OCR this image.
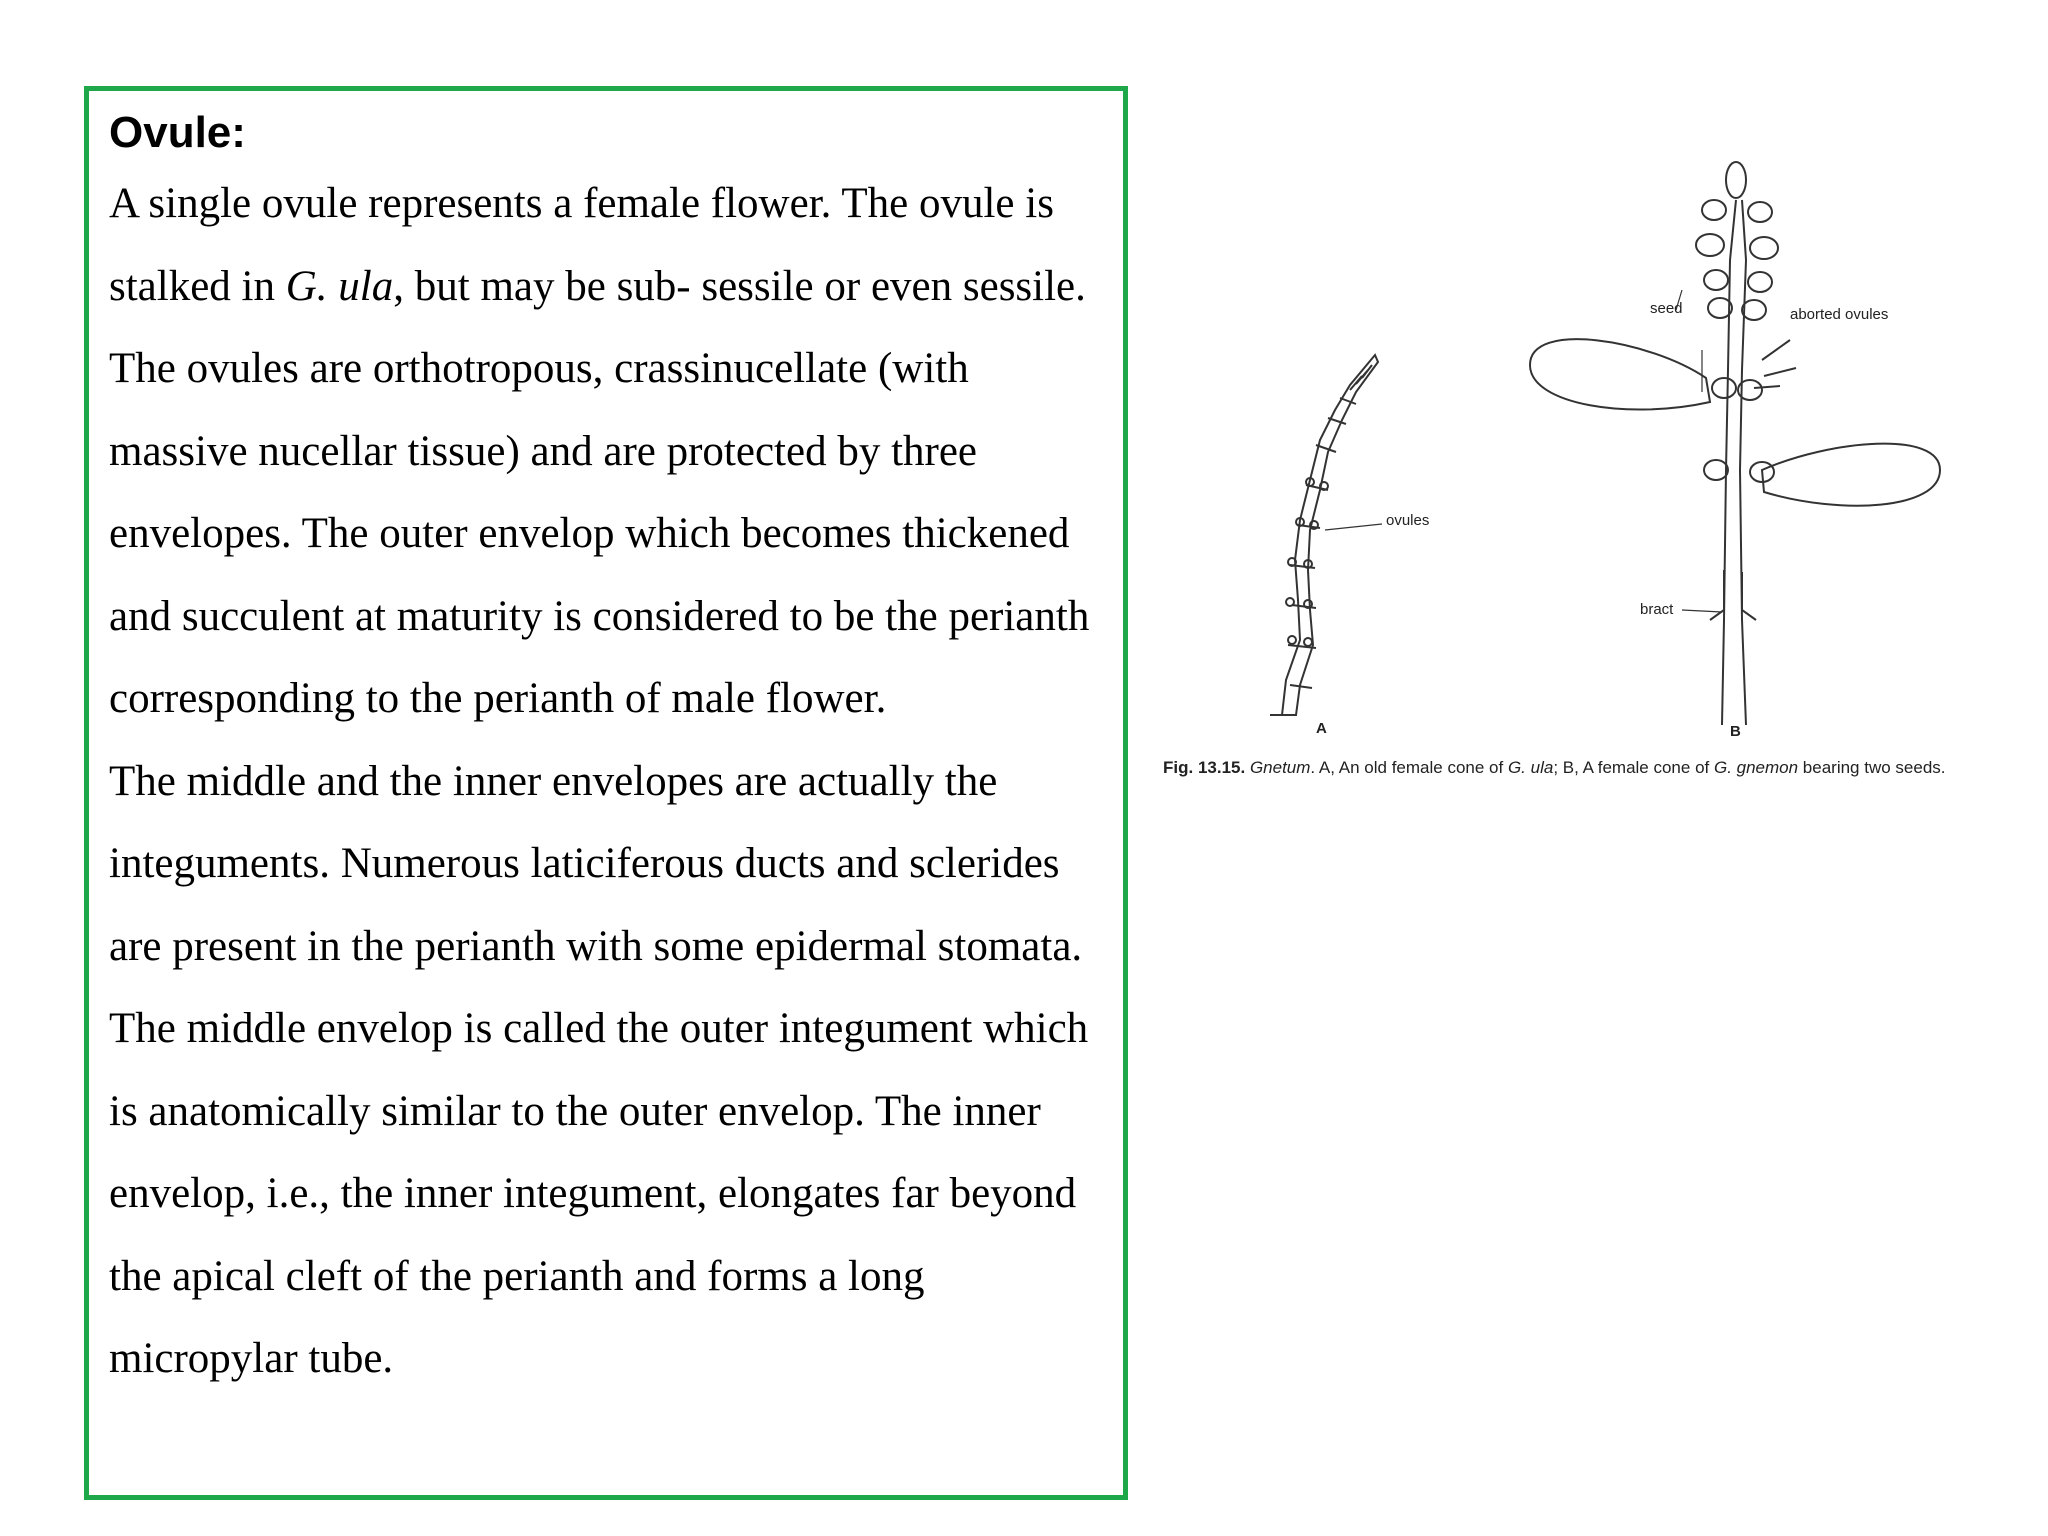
Ovule:

A single ovule represents a female flower. The ovule is stalked in G. ula, but may be sub- sessile or even sessile. The ovules are orthotropous, crassinucellate (with massive nucellar tissue) and are protected by three envelopes. The outer envelop which becomes thickened and succulent at maturity is considered to be the perianth corresponding to the perianth of male flower.

The middle and the inner envelopes are actually the integuments. Numerous laticiferous ducts and sclerides are present in the perianth with some epidermal stomata. The middle envelop is called the outer integument which is anatomically similar to the outer envelop. The inner envelop, i.e., the inner integument, elongates far beyond the apical cleft of the perianth and forms a long micropylar tube.

ovules
seed	aborted ovules
bract
A	B
Fig. 13.15. Gnetum. A, An old female cone of G. ula; B, A female cone of G. gnemon bearing two seeds.
